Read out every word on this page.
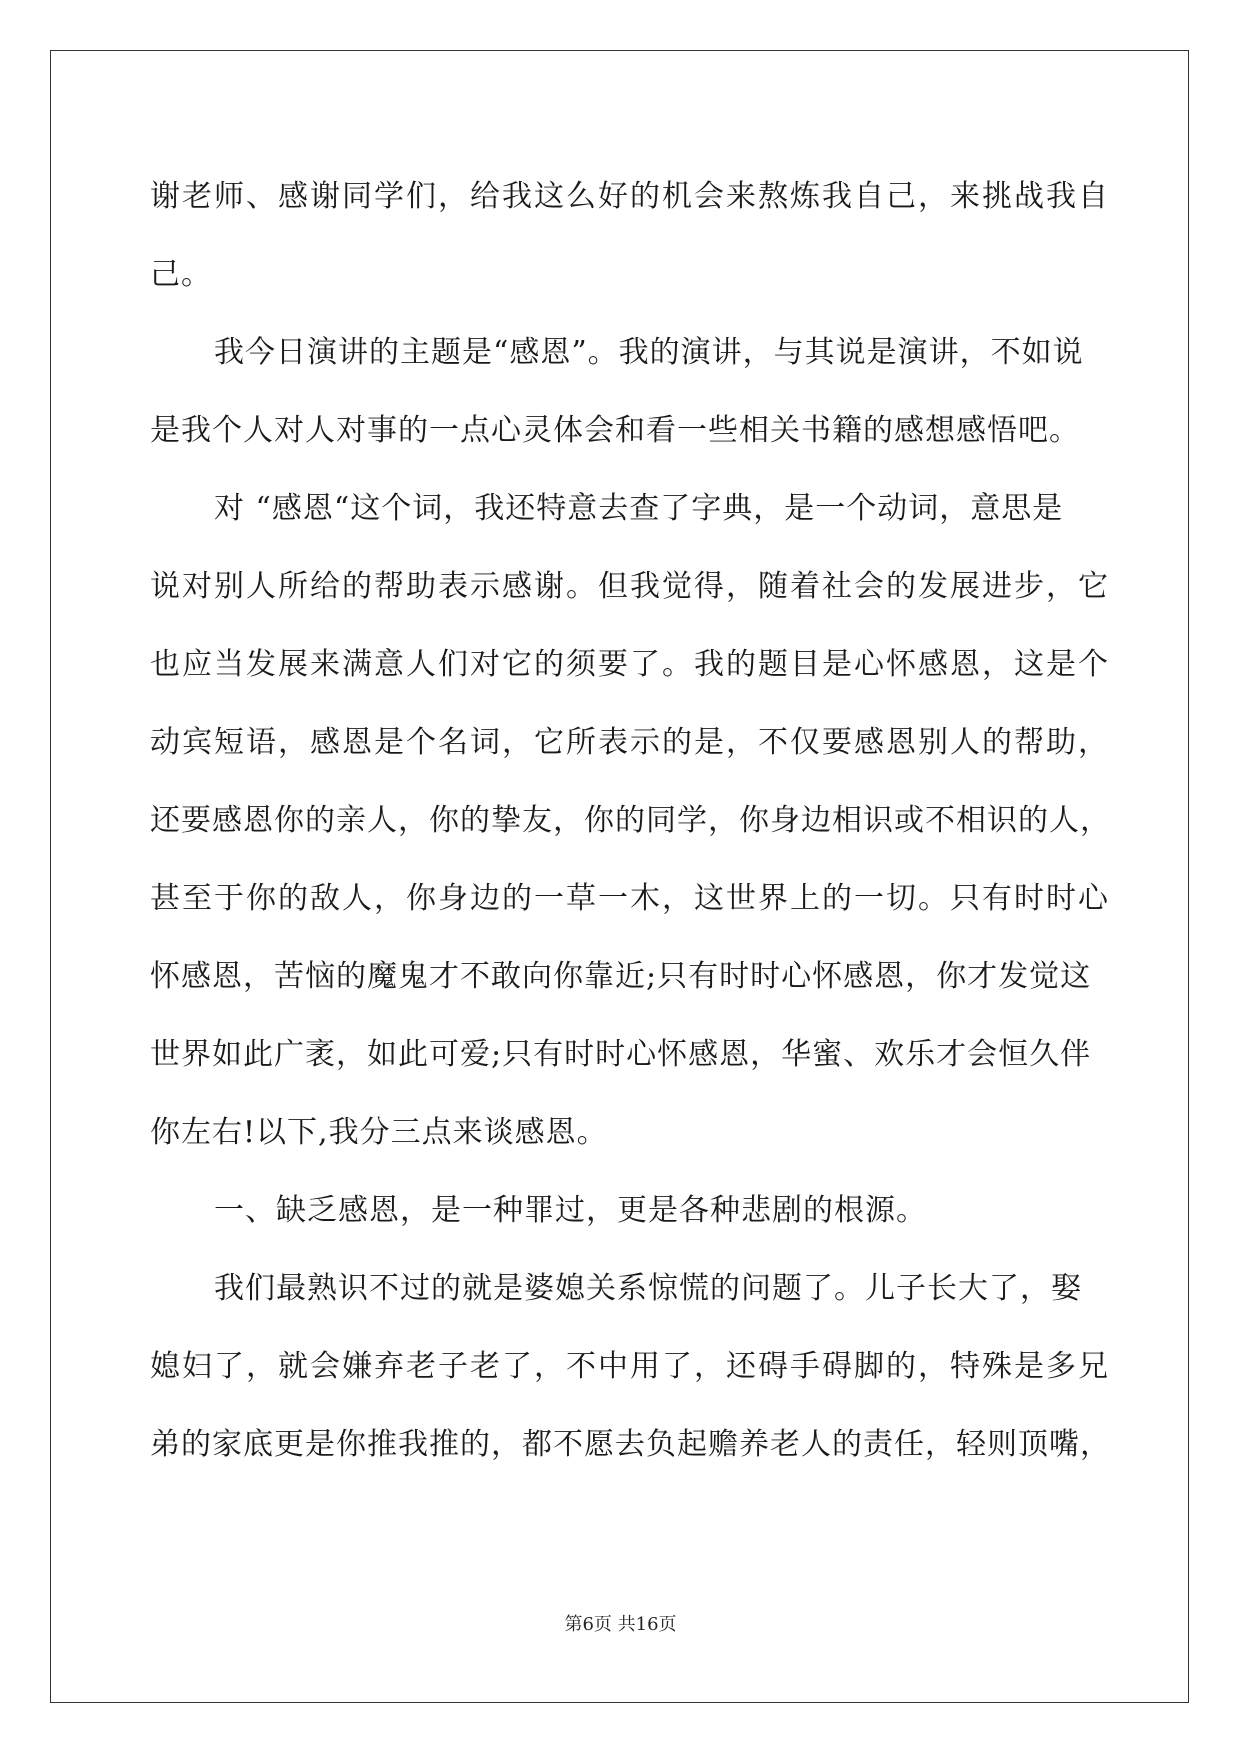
谢老师、感谢同学们，给我这么好的机会来熬炼我自己，来挑战我自
己。
我今日演讲的主题是“感恩”。我的演讲，与其说是演讲，不如说
是我个人对人对事的一点心灵体会和看一些相关书籍的感想感悟吧。
对 “感恩“这个词，我还特意去查了字典，是一个动词，意思是
说对别人所给的帮助表示感谢。但我觉得，随着社会的发展进步，它
也应当发展来满意人们对它的须要了。我的题目是心怀感恩，这是个
动宾短语，感恩是个名词，它所表示的是，不仅要感恩别人的帮助，
还要感恩你的亲人，你的挚友，你的同学，你身边相识或不相识的人，
甚至于你的敌人，你身边的一草一木，这世界上的一切。只有时时心
怀感恩，苦恼的魔鬼才不敢向你靠近;只有时时心怀感恩，你才发觉这
世界如此广袤，如此可爱;只有时时心怀感恩，华蜜、欢乐才会恒久伴
你左右!以下,我分三点来谈感恩。
一、缺乏感恩，是一种罪过，更是各种悲剧的根源。
我们最熟识不过的就是婆媳关系惊慌的问题了。儿子长大了，娶
媳妇了，就会嫌弃老子老了，不中用了，还碍手碍脚的，特殊是多兄
弟的家底更是你推我推的，都不愿去负起赡养老人的责任，轻则顶嘴，
第6页 共16页
